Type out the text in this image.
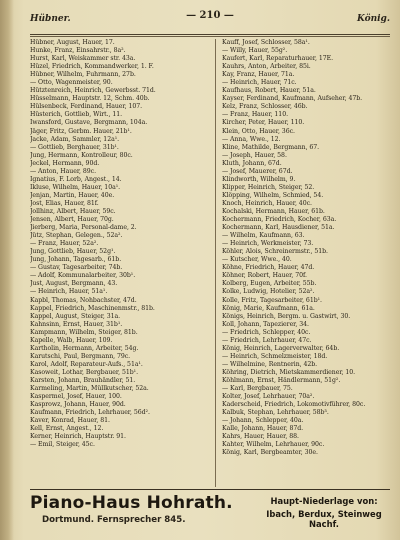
Hübner.	— 210 —	König.
Hübner, August, Hauer, 17.
Hunke, Franz, Einsahrstr., 8a².
Hurst, Karl, Weiskammer str. 43a.
Hüzel, Friedrich, Kommandwerker, 1. F.
Hübner, Wilhelm, Fuhrmann, 27b.
— Otto, Wagenmeister, 90.
Hütztenreich, Heinrich, Gewerbsst. 71d.
Hüsselmann, Hauptstr. 12, Schm. 40b.
Hülsenbeck, Ferdinand, Hauer, 107.
Hüsterich, Gottlieb, Wirt., 11.
Iwansford, Gustave, Bergmann, 104a.
Jäger, Fritz, Gerbm. Hauer, 21b¹.
Jacke, Adam, Sammler, 12a¹.
— Gottlieb, Berghauer, 31b¹.
Jung, Hermann, Kontrolleur, 80c.
Jeckel, Hermann, 90d.
— Anton, Hauer, 89c.
Ignatius, F. Lorb, Angest., 14.
Ikluse, Wilhelm, Hauer, 10a¹.
Jenjan, Martin, Hauer, 40e.
Jost, Elias, Hauer, 81f.
Jollhinz, Albert, Hauer, 59c.
Jensen, Albert, Hauer, 70g.
Jierberg, Maria, Personal-dame, 2.
Jütz, Stephan, Gelegen., 52a².
— Franz, Hauer, 52a².
Jung, Gottlieb, Hauer, 52g¹.
Jung, Johann, Tagesarb., 61b.
— Gustav, Tagesarbeiter, 74b.
— Adolf, Kommunalarbeiter, 30b¹.
Just, August, Bergmann, 43.
— Heinrich, Hauer, 51a¹.
Kapbl, Thomas, Nohbachster, 47d.
Kappel, Friedrich, Maschinenmstr., 81b.
Kappel, August, Steiger, 31a.
Kahnsinn, Ernst, Hauer, 31b¹.
Kampmann, Wilhelm, Steiger, 81b.
Kapelle, Walb, Hauer, 109.
Kartholin, Hermann, Arbeiter, 54g.
Karutschi, Paul, Bergmann, 79c.
Karol, Adolf, Reparateur-Aufs., 51a¹.
Kasoweit, Lothar, Bergbauer, 51b¹.
Karsten, Johann, Brauhändler, 51.
Karmeling, Martin, Müllkutscher, 52a.
Kaspermel, Josef, Hauer, 100.
Kasprowz, Johann, Hauer, 90d.
Kaufmann, Friedrich, Lehrhauer, 56d².
Kaver, Konrad, Hauer, 81.
Kell, Ernst, Angest., 12.
Kerner, Heinrich, Hauptstr. 91.
— Emil, Steiger, 45c.
Kauff, Josef, Schlosser, 58a¹.
— Willy, Hauer, 55g².
Kaufert, Karl, Reparaturhauer, 17E.
Kauhrs, Anton, Arbeiter, 85i.
Kay, Franz, Hauer, 71a.
— Heinrich, Hauer, 71c.
Kaufhaus, Robert, Hauer, 51a.
Kayser, Ferdinand, Kaufmann, Aufseher, 47b.
Kelz, Franz, Schlosser, 46b.
— Franz, Hauer, 110.
Kircher, Peter, Hauer, 110.
Klein, Otto, Hauer, 36c.
— Anna, Wwe., 12.
Kline, Mathilde, Bergmann, 67.
— Joseph, Hauer, 58.
Kluth, Johann, 67d.
— Josef, Mauerer, 67d.
Klindworth, Wilhelm, 9.
Klipper, Heinrich, Steiger, 52.
Klöpping, Wilhelm, Schmied, 54.
Knoch, Heinrich, Hauer, 40c.
Kochalski, Hermann, Hauer, 61b.
Kochermann, Friedrich, Kocher, 63a.
Kochermann, Karl, Hausdiener, 51a.
— Wilhelm, Kaufmann, 63.
— Heinrich, Werkmeister, 73.
Köhler, Alois, Schreinermstr., 51b.
— Kutscher, Wwe., 40.
Köhne, Friedrich, Hauer, 47d.
Köhner, Robert, Hauer, 70f.
Kolberg, Eugen, Arbeiter, 55b.
Kolke, Ludwig, Hotelier, 52a².
Kolle, Fritz, Tagesarbeiter, 61b¹.
König, Marie, Kaufmann, 61a.
Königs, Heinrich, Bergm. u. Gastwirt, 30.
Koll, Johann, Tapezierer, 34.
— Friedrich, Schlepper, 40c.
— Friedrich, Lehrhauer, 47c.
König, Heinrich, Lagerverwalter, 64b.
— Heinrich, Schmelzmeister, 18d.
— Wilhelmine, Rentnerin, 42b.
Köhring, Dietrich, Mietskammerdiener, 10.
Köhlmann, Ernst, Händlermann, 51g².
— Karl, Bergbauer, 75.
Kolter, Josef, Lehrhauer, 70a².
Kaderscheid, Friedrich, Lokomotivführer, 80c.
Kalbuk, Stephan, Lehrhauer, 58b³.
— Johann, Schlepper, 40a.
Kalle, Johann, Hauer, 87d.
Kahrs, Hauer, Hauer, 88.
Kahter, Wilhelm, Lehrhauer, 90c.
König, Karl, Bergbeamter, 30e.
Piano-Haus Hohrath.
Dortmund. Fernsprecher 845.
Haupt-Niederlage von:
Ibach, Berdux, Steinweg Nachf.
